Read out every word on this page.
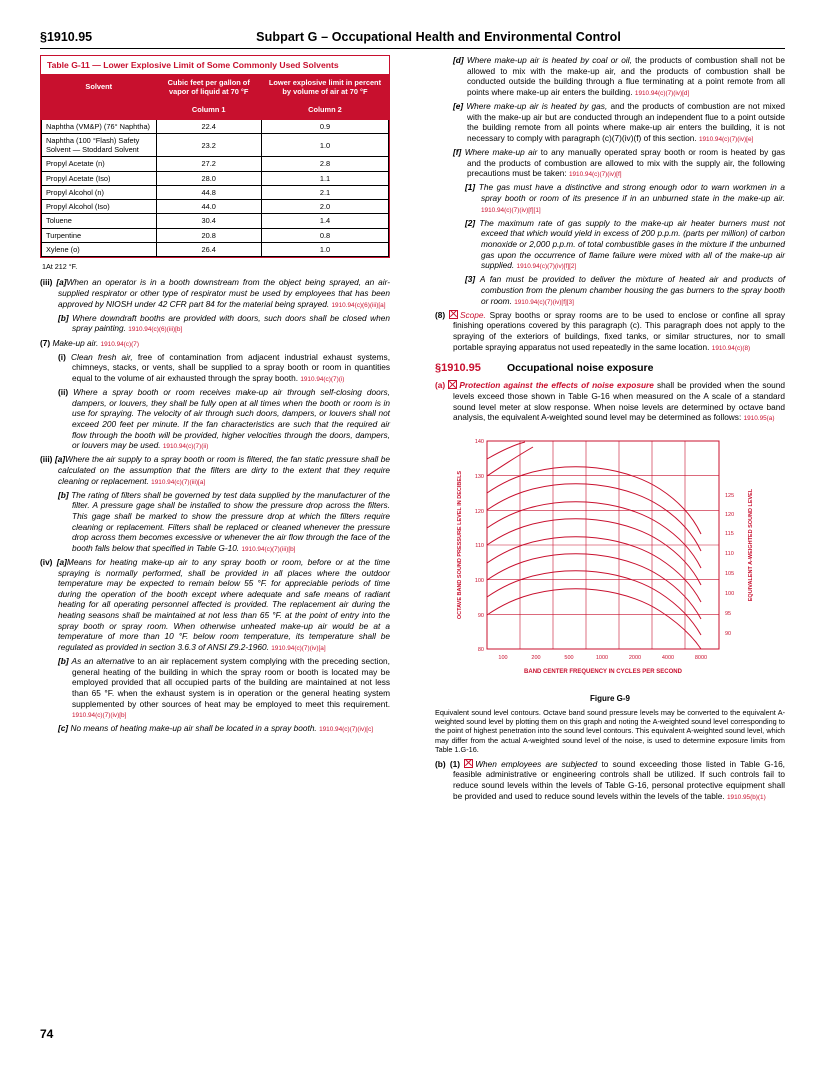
§1910.95	Subpart G – Occupational Health and Environmental Control
Table G-11 — Lower Explosive Limit of Some Commonly Used Solvents
Solvent	Cubic feet per gallon of vapor of liquid at 70 °F	Lower explosive limit in percent by volume of air at 70 °F
	Column 1	Column 2
Naphtha (VM&P) (76° Naphtha)	22.4	0.9
Naphtha (100 °Flash) Safety Solvent — Stoddard Solvent	23.2	1.0
Propyl Acetate (n)	27.2	2.8
Propyl Acetate (Iso)	28.0	1.1
Propyl Alcohol (n)	44.8	2.1
Propyl Alcohol (Iso)	44.0	2.0
Toluene	30.4	1.4
Turpentine	20.8	0.8
Xylene (o)	26.4	1.0
1At 212 °F.

(iii) [a]When an operator is in a booth downstream from the object being sprayed, an air-supplied respirator or other type of respirator must be used by employees that has been approved by NIOSH under 42 CFR part 84 for the material being sprayed. 1910.94(c)(6)(iii)[a]

[b] Where downdraft booths are provided with doors, such doors shall be closed when spray painting. 1910.94(c)(6)(iii)[b]

(7) Make-up air. 1910.94(c)(7)

(i) Clean fresh air, free of contamination from adjacent industrial exhaust systems, chimneys, stacks, or vents, shall be supplied to a spray booth or room in quantities equal to the volume of air exhausted through the spray booth. 1910.94(c)(7)(i)

(ii) Where a spray booth or room receives make-up air through self-closing doors, dampers, or louvers, they shall be fully open at all times when the booth or room is in use for spraying. The velocity of air through such doors, dampers, or louvers shall not exceed 200 feet per minute. If the fan characteristics are such that the required air flow through the booth will be provided, higher velocities through the doors, dampers, or louvers may be used. 1910.94(c)(7)(ii)

(iii) [a]Where the air supply to a spray booth or room is filtered, the fan static pressure shall be calculated on the assumption that the filters are dirty to the extent that they require cleaning or replacement. 1910.94(c)(7)(iii)[a]

[b] The rating of filters shall be governed by test data supplied by the manufacturer of the filter. A pressure gage shall be installed to show the pressure drop across the filters. This gage shall be marked to show the pressure drop at which the filters require cleaning or replacement. Filters shall be replaced or cleaned whenever the pressure drop across them becomes excessive or whenever the air flow through the face of the booth falls below that specified in Table G-10. 1910.94(c)(7)(iii)[b]

(iv) [a]Means for heating make-up air to any spray booth or room, before or at the time spraying is normally performed, shall be provided in all places where the outdoor temperature may be expected to remain below 55 °F. for appreciable periods of time during the operation of the booth except where adequate and safe means of radiant heating for all operating personnel affected is provided. The replacement air during the heating seasons shall be maintained at not less than 65 °F. at the point of entry into the spray booth or spray room. When otherwise unheated make-up air would be at a temperature of more than 10 °F. below room temperature, its temperature shall be regulated as provided in section 3.6.3 of ANSI Z9.2-1960. 1910.94(c)(7)(iv)[a]

[b] As an alternative to an air replacement system complying with the preceding section, general heating of the building in which the spray room or booth is located may be employed provided that all occupied parts of the building are maintained at not less than 65 °F. when the exhaust system is in operation or the general heating system supplemented by other sources of heat may be employed to meet this requirement. 1910.94(c)(7)(iv)[b]

[c] No means of heating make-up air shall be located in a spray booth. 1910.94(c)(7)(iv)[c]

[d] Where make-up air is heated by coal or oil, the products of combustion shall not be allowed to mix with the make-up air, and the products of combustion shall be conducted outside the building through a flue terminating at a point remote from all points where make-up air enters the building. 1910.94(c)(7)(iv)[d]

[e] Where make-up air is heated by gas, and the products of combustion are not mixed with the make-up air but are conducted through an independent flue to a point outside the building remote from all points where make-up air enters the building, it is not necessary to comply with paragraph (c)(7)(iv)(f) of this section. 1910.94(c)(7)(iv)[e]

[f] Where make-up air to any manually operated spray booth or room is heated by gas and the products of combustion are allowed to mix with the supply air, the following precautions must be taken: 1910.94(c)(7)(iv)[f]

[1] The gas must have a distinctive and strong enough odor to warn workmen in a spray booth or room of its presence if in an unburned state in the make-up air. 1910.94(c)(7)(iv)[f][1]

[2] The maximum rate of gas supply to the make-up air heater burners must not exceed that which would yield in excess of 200 p.p.m. (parts per million) of carbon monoxide or 2,000 p.p.m. of total combustible gases in the mixture if the unburned gas upon the occurrence of flame failure were mixed with all of the make-up air supplied. 1910.94(c)(7)(iv)[f][2]

[3] A fan must be provided to deliver the mixture of heated air and products of combustion from the plenum chamber housing the gas burners to the spray booth or room. 1910.94(c)(7)(iv)[f][3]

(8) ☒ Scope. Spray booths or spray rooms are to be used to enclose or confine all spray finishing operations covered by this paragraph (c). This paragraph does not apply to the spraying of the exteriors of buildings, fixed tanks, or similar structures, nor to small portable spraying apparatus not used repeatedly in the same location. 1910.94(c)(8)

§1910.95	Occupational noise exposure

(a) ☒ Protection against the effects of noise exposure shall be provided when the sound levels exceed those shown in Table G-16 when measured on the A scale of a standard sound level meter at slow response. When noise levels are determined by octave band analysis, the equivalent A-weighted sound level may be determined as follows: 1910.95(a)

140
130
120
110
100
90
80
125
120
115
110
105
100
95
90
100	200	500	1000	2000	4000	8000
BAND CENTER FREQUENCY IN CYCLES PER SECOND
OCTAVE BAND SOUND PRESSURE LEVEL IN DECIBELS	EQUIVALENT A-WEIGHTED SOUND LEVEL
Figure G-9
Equivalent sound level contours. Octave band sound pressure levels may be converted to the equivalent A-weighted sound level by plotting them on this graph and noting the A-weighted sound level corresponding to the point of highest penetration into the sound level contours. This equivalent A-weighted sound level, which may differ from the actual A-weighted sound level of the noise, is used to determine exposure limits from Table 1.G-16.

(b) (1) ☒ When employees are subjected to sound exceeding those listed in Table G-16, feasible administrative or engineering controls shall be utilized. If such controls fail to reduce sound levels within the levels of Table G-16, personal protective equipment shall be provided and used to reduce sound levels within the levels of the table. 1910.95(b)(1)

74
